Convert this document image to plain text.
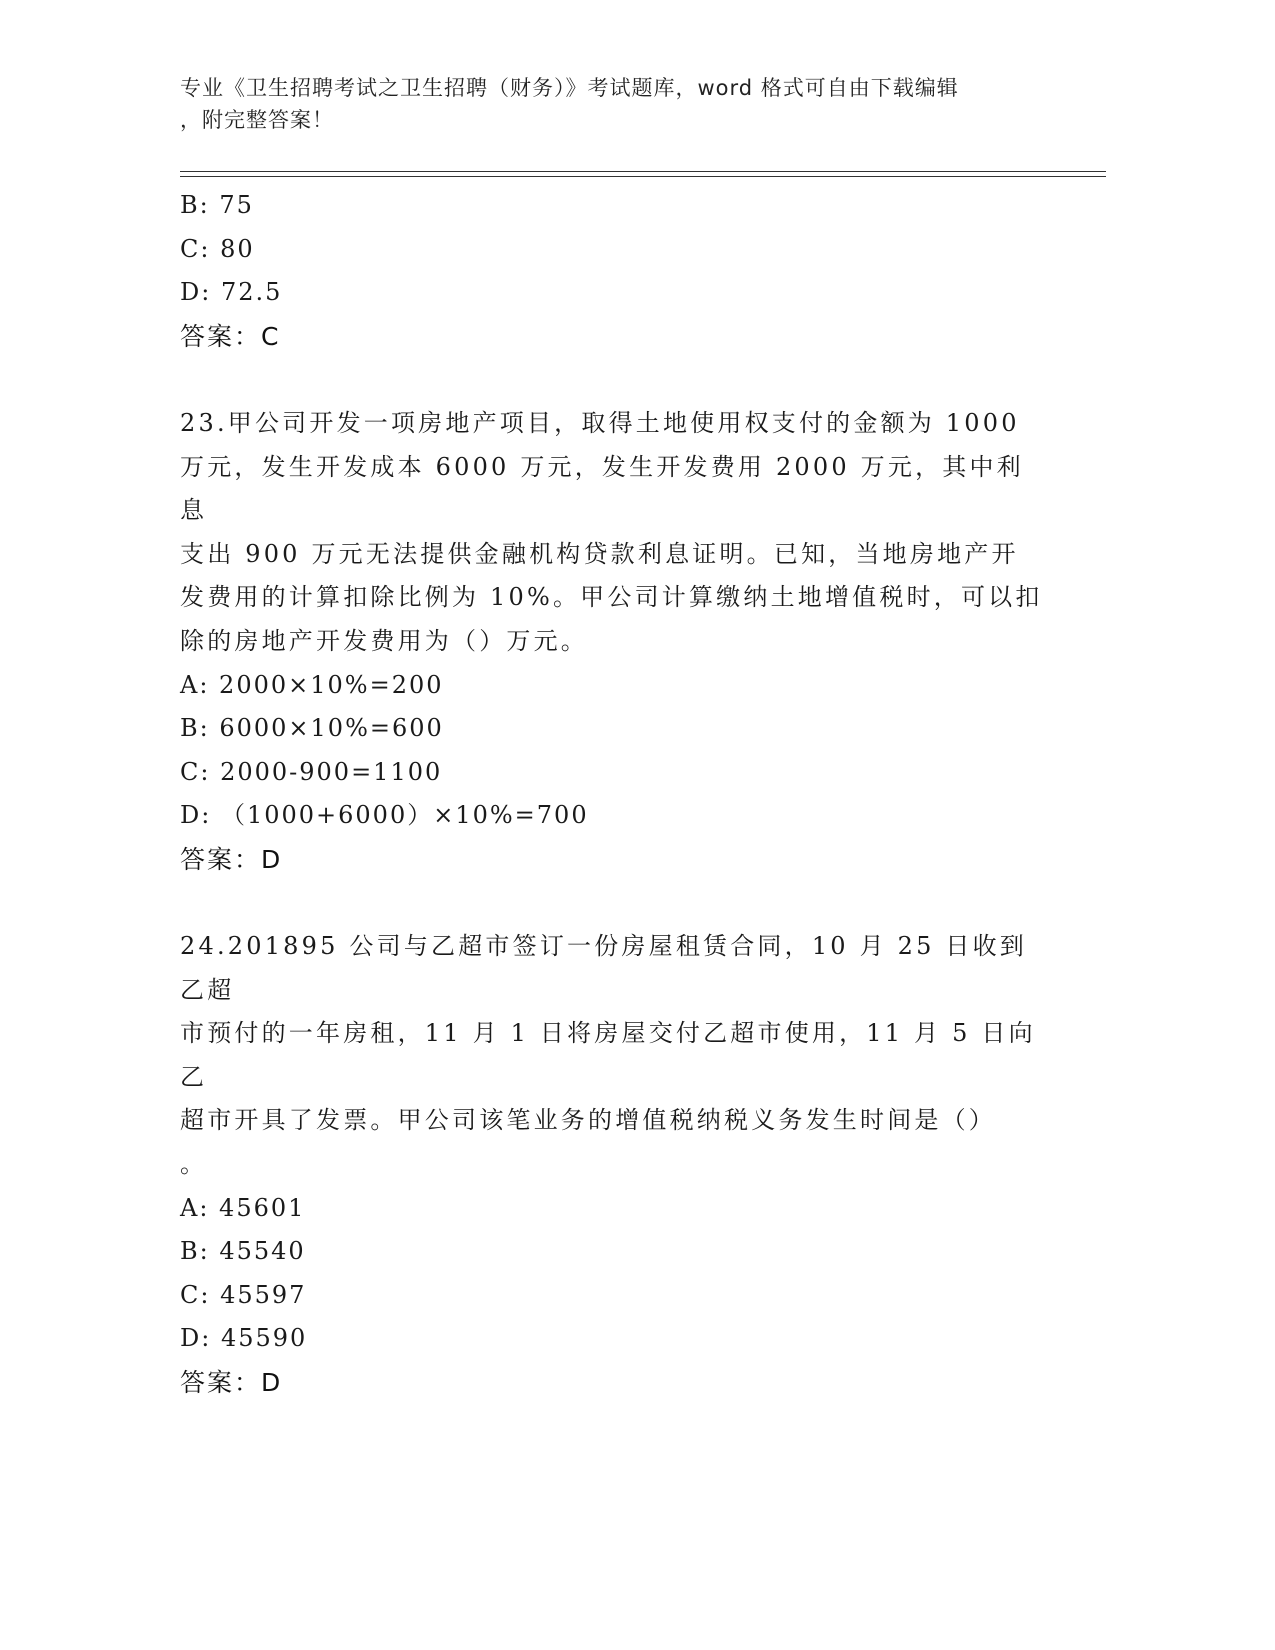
专业《卫生招聘考试之卫生招聘（财务）》考试题库，word 格式可自由下载编辑
，附完整答案！
B: 75
C: 80
D: 72.5
答案：C
23.甲公司开发一项房地产项目，取得土地使用权支付的金额为 1000
万元，发生开发成本 6000 万元，发生开发费用 2000 万元，其中利息
支出 900 万元无法提供金融机构贷款利息证明。已知，当地房地产开
发费用的计算扣除比例为 10%。甲公司计算缴纳土地增值税时，可以扣
除的房地产开发费用为（）万元。
A: 2000×10%=200
B: 6000×10%=600
C: 2000-900=1100
D: （1000+6000）×10%=700
答案：D
24.201895 公司与乙超市签订一份房屋租赁合同，10 月 25 日收到乙超
市预付的一年房租，11 月 1 日将房屋交付乙超市使用，11 月 5 日向乙
超市开具了发票。甲公司该笔业务的增值税纳税义务发生时间是（）
。
A: 45601
B: 45540
C: 45597
D: 45590
答案：D
